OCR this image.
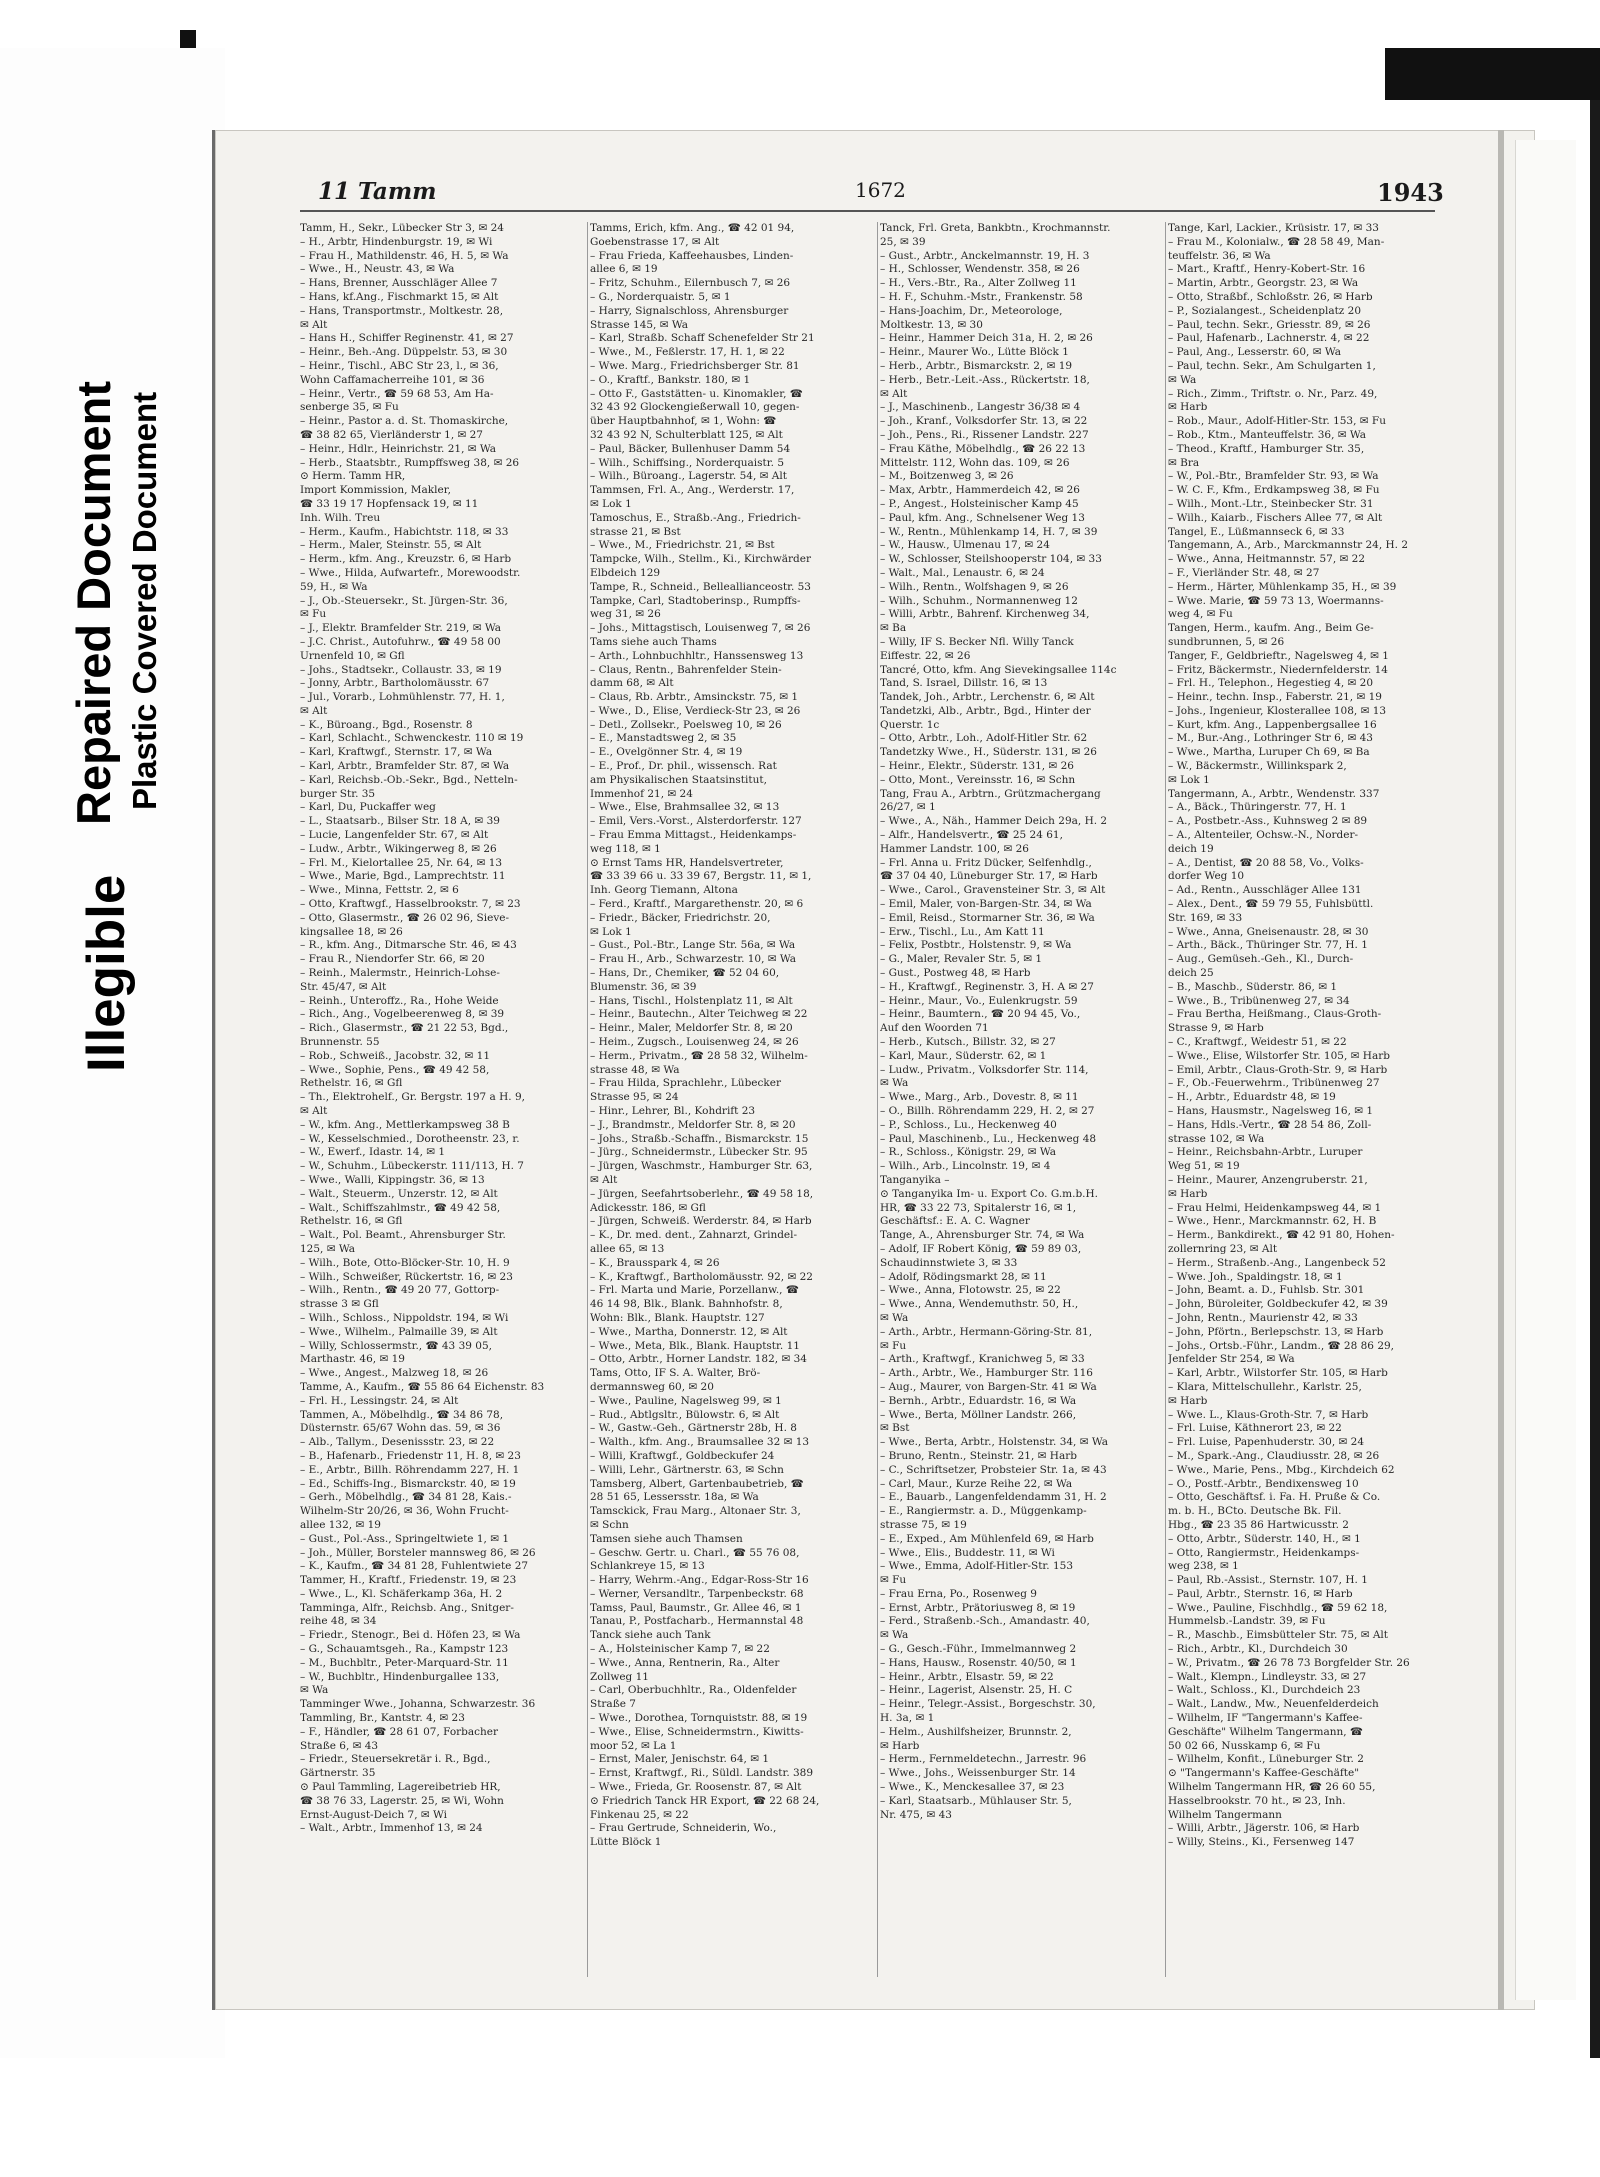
Repaired Document Plastic Covered Document
Illegible
11 Tamm	1672	1943
Tamm, H., Sekr., Lübecker Str 3, ✉ 24
– H., Arbtr, Hindenburgstr. 19, ✉ Wi
– Frau H., Mathildenstr. 46, H. 5, ✉ Wa
– Wwe., H., Neustr. 43, ✉ Wa
– Hans, Brenner, Ausschläger Allee 7
– Hans, kf.Ang., Fischmarkt 15, ✉ Alt
– Hans, Transportmstr., Moltkestr. 28,
✉ Alt
– Hans H., Schiffer Reginenstr. 41, ✉ 27
– Heinr., Beh.-Ang. Düppelstr. 53, ✉ 30
– Heinr., Tischl., ABC Str 23, l., ✉ 36,
Wohn Caffamacherreihe 101, ✉ 36
– Heinr., Vertr., ☎ 59 68 53, Am Ha-
senberge 35, ✉ Fu
– Heinr., Pastor a. d. St. Thomaskirche,
☎ 38 82 65, Vierländerstr 1, ✉ 27
– Heinr., Hdlr., Heinrichstr. 21, ✉ Wa
– Herb., Staatsbtr., Rumpffsweg 38, ✉ 26
⊙ Herm. Tamm HR,
Import Kommission, Makler,
☎ 33 19 17 Hopfensack 19, ✉ 11
Inh. Wilh. Treu
– Herm., Kaufm., Habichtstr. 118, ✉ 33
– Herm., Maler, Steinstr. 55, ✉ Alt
– Herm., kfm. Ang., Kreuzstr. 6, ✉ Harb
– Wwe., Hilda, Aufwartefr., Morewoodstr.
59, H., ✉ Wa
– J., Ob.-Steuersekr., St. Jürgen-Str. 36,
✉ Fu
– J., Elektr. Bramfelder Str. 219, ✉ Wa
– J.C. Christ., Autofuhrw., ☎ 49 58 00
Urnenfeld 10, ✉ Gfl
– Johs., Stadtsekr., Collaustr. 33, ✉ 19
– Jonny, Arbtr., Bartholomäusstr. 67
– Jul., Vorarb., Lohmühlenstr. 77, H. 1,
✉ Alt
– K., Büroang., Bgd., Rosenstr. 8
– Karl, Schlacht., Schwenckestr. 110 ✉ 19
– Karl, Kraftwgf., Sternstr. 17, ✉ Wa
– Karl, Arbtr., Bramfelder Str. 87, ✉ Wa
– Karl, Reichsb.-Ob.-Sekr., Bgd., Netteln-
burger Str. 35
– Karl, Du, Puckaffer weg
– L., Staatsarb., Bilser Str. 18 A, ✉ 39
– Lucie, Langenfelder Str. 67, ✉ Alt
– Ludw., Arbtr., Wikingerweg 8, ✉ 26
– Frl. M., Kielortallee 25, Nr. 64, ✉ 13
– Wwe., Marie, Bgd., Lamprechtstr. 11
– Wwe., Minna, Fettstr. 2, ✉ 6
– Otto, Kraftwgf., Hasselbrookstr. 7, ✉ 23
– Otto, Glasermstr., ☎ 26 02 96, Sieve-
kingsallee 18, ✉ 26
– R., kfm. Ang., Ditmarsche Str. 46, ✉ 43
– Frau R., Niendorfer Str. 66, ✉ 20
– Reinh., Malermstr., Heinrich-Lohse-
Str. 45/47, ✉ Alt
– Reinh., Unteroffz., Ra., Hohe Weide
– Rich., Ang., Vogelbeerenweg 8, ✉ 39
– Rich., Glasermstr., ☎ 21 22 53, Bgd.,
Brunnenstr. 55
– Rob., Schweiß., Jacobstr. 32, ✉ 11
– Wwe., Sophie, Pens., ☎ 49 42 58,
Rethelstr. 16, ✉ Gfl
– Th., Elektrohelf., Gr. Bergstr. 197 a H. 9,
✉ Alt
– W., kfm. Ang., Mettlerkampsweg 38 B
– W., Kesselschmied., Dorotheenstr. 23, r.
– W., Ewerf., Idastr. 14, ✉ 1
– W., Schuhm., Lübeckerstr. 111/113, H. 7
– Wwe., Walli, Kippingstr. 36, ✉ 13
– Walt., Steuerm., Unzerstr. 12, ✉ Alt
– Walt., Schiffszahlmstr., ☎ 49 42 58,
Rethelstr. 16, ✉ Gfl
– Walt., Pol. Beamt., Ahrensburger Str.
125, ✉ Wa
– Wilh., Bote, Otto-Blöcker-Str. 10, H. 9
– Wilh., Schweißer, Rückertstr. 16, ✉ 23
– Wilh., Rentn., ☎ 49 20 77, Gottorp-
strasse 3 ✉ Gfl
– Wilh., Schloss., Nippoldstr. 194, ✉ Wi
– Wwe., Wilhelm., Palmaille 39, ✉ Alt
– Willy, Schlossermstr., ☎ 43 39 05,
Marthastr. 46, ✉ 19
– Wwe., Angest., Malzweg 18, ✉ 26
Tamme, A., Kaufm., ☎ 55 86 64 Eichenstr. 83
– Frl. H., Lessingstr. 24, ✉ Alt
Tammen, A., Möbelhdlg., ☎ 34 86 78,
Düsternstr. 65/67 Wohn das. 59, ✉ 36
– Alb., Tallym., Desenissstr. 23, ✉ 22
– B., Hafenarb., Friedenstr 11, H. 8, ✉ 23
– E., Arbtr., Billh. Röhrendamm 227, H. 1
– Ed., Schiffs-Ing., Bismarckstr. 40, ✉ 19
– Gerh., Möbelhdlg., ☎ 34 81 28, Kais.-
Wilhelm-Str 20/26, ✉ 36, Wohn Frucht-
allee 132, ✉ 19
– Gust., Pol.-Ass., Springeltwiete 1, ✉ 1
– Joh., Müller, Borsteler mannsweg 86, ✉ 26
– K., Kaufm., ☎ 34 81 28, Fuhlentwiete 27
Tammer, H., Kraftf., Friedenstr. 19, ✉ 23
– Wwe., L., Kl. Schäferkamp 36a, H. 2
Tamminga, Alfr., Reichsb. Ang., Snitger-
reihe 48, ✉ 34
– Friedr., Stenogr., Bei d. Höfen 23, ✉ Wa
– G., Schauamtsgeh., Ra., Kampstr 123
– M., Buchbltr., Peter-Marquard-Str. 11
– W., Buchbltr., Hindenburgallee 133,
✉ Wa
Tamminger Wwe., Johanna, Schwarzestr. 36
Tammling, Br., Kantstr. 4, ✉ 23
– F., Händler, ☎ 28 61 07, Forbacher
Straße 6, ✉ 43
– Friedr., Steuersekretär i. R., Bgd.,
Gärtnerstr. 35
⊙ Paul Tammling, Lagereibetrieb HR,
☎ 38 76 33, Lagerstr. 25, ✉ Wi, Wohn
Ernst-August-Deich 7, ✉ Wi
– Walt., Arbtr., Immenhof 13, ✉ 24
Tamms, Erich, kfm. Ang., ☎ 42 01 94,
Goebenstrasse 17, ✉ Alt
– Frau Frieda, Kaffeehausbes, Linden-
allee 6, ✉ 19
– Fritz, Schuhm., Eilernbusch 7, ✉ 26
– G., Norderquaistr. 5, ✉ 1
– Harry, Signalschloss, Ahrensburger
Strasse 145, ✉ Wa
– Karl, Straßb. Schaff Schenefelder Str 21
– Wwe., M., Feßlerstr. 17, H. 1, ✉ 22
– Wwe. Marg., Friedrichsberger Str. 81
– O., Kraftf., Bankstr. 180, ✉ 1
– Otto F., Gaststätten- u. Kinomakler, ☎
32 43 92 Glockengießerwall 10, gegen-
über Hauptbahnhof, ✉ 1, Wohn: ☎
32 43 92 N, Schulterblatt 125, ✉ Alt
– Paul, Bäcker, Bullenhuser Damm 54
– Wilh., Schiffsing., Norderquaistr. 5
– Wilh., Büroang., Lagerstr. 54, ✉ Alt
Tammsen, Frl. A., Ang., Werderstr. 17,
✉ Lok 1
Tamoschus, E., Straßb.-Ang., Friedrich-
strasse 21, ✉ Bst
– Wwe., M., Friedrichstr. 21, ✉ Bst
Tampcke, Wilh., Stellm., Ki., Kirchwärder
Elbdeich 129
Tampe, R., Schneid., Belleallianceostr. 53
Tampke, Carl, Stadtoberinsp., Rumpffs-
weg 31, ✉ 26
– Johs., Mittagstisch, Louisenweg 7, ✉ 26
Tams siehe auch Thams
– Arth., Lohnbuchhltr., Hanssensweg 13
– Claus, Rentn., Bahrenfelder Stein-
damm 68, ✉ Alt
– Claus, Rb. Arbtr., Amsinckstr. 75, ✉ 1
– Wwe., D., Elise, Verdieck-Str 23, ✉ 26
– Detl., Zollsekr., Poelsweg 10, ✉ 26
– E., Manstadtsweg 2, ✉ 35
– E., Ovelgönner Str. 4, ✉ 19
– E., Prof., Dr. phil., wissensch. Rat
am Physikalischen Staatsinstitut,
Immenhof 21, ✉ 24
– Wwe., Else, Brahmsallee 32, ✉ 13
– Emil, Vers.-Vorst., Alsterdorferstr. 127
– Frau Emma Mittagst., Heidenkamps-
weg 118, ✉ 1
⊙ Ernst Tams HR, Handelsvertreter,
☎ 33 39 66 u. 33 39 67, Bergstr. 11, ✉ 1,
Inh. Georg Tiemann, Altona
– Ferd., Kraftf., Margarethenstr. 20, ✉ 6
– Friedr., Bäcker, Friedrichstr. 20,
✉ Lok 1
– Gust., Pol.-Btr., Lange Str. 56a, ✉ Wa
– Frau H., Arb., Schwarzestr. 10, ✉ Wa
– Hans, Dr., Chemiker, ☎ 52 04 60,
Blumenstr. 36, ✉ 39
– Hans, Tischl., Holstenplatz 11, ✉ Alt
– Heinr., Bautechn., Alter Teichweg ✉ 22
– Heinr., Maler, Meldorfer Str. 8, ✉ 20
– Heim., Zugsch., Louisenweg 24, ✉ 26
– Herm., Privatm., ☎ 28 58 32, Wilhelm-
strasse 48, ✉ Wa
– Frau Hilda, Sprachlehr., Lübecker
Strasse 95, ✉ 24
– Hinr., Lehrer, Bl., Kohdrift 23
– J., Brandmstr., Meldorfer Str. 8, ✉ 20
– Johs., Straßb.-Schaffn., Bismarckstr. 15
– Jürg., Schneidermstr., Lübecker Str. 95
– Jürgen, Waschmstr., Hamburger Str. 63,
✉ Alt
– Jürgen, Seefahrtsoberlehr., ☎ 49 58 18,
Adickesstr. 186, ✉ Gfl
– Jürgen, Schweiß. Werderstr. 84, ✉ Harb
– K., Dr. med. dent., Zahnarzt, Grindel-
allee 65, ✉ 13
– K., Brausspark 4, ✉ 26
– K., Kraftwgf., Bartholomäusstr. 92, ✉ 22
– Frl. Marta und Marie, Porzellanw., ☎
46 14 98, Blk., Blank. Bahnhofstr. 8,
Wohn: Blk., Blank. Hauptstr. 127
– Wwe., Martha, Donnerstr. 12, ✉ Alt
– Wwe., Meta, Blk., Blank. Hauptstr. 11
– Otto, Arbtr., Horner Landstr. 182, ✉ 34
Tams, Otto, IF S. A. Walter, Brö-
dermannsweg 60, ✉ 20
– Wwe., Pauline, Nagelsweg 99, ✉ 1
– Rud., Abtlgsltr., Bülowstr. 6, ✉ Alt
– W., Gastw.-Geh., Gärtnerstr 28b, H. 8
– Walth., kfm. Ang., Braumsallee 32 ✉ 13
– Willi, Kraftwgf., Goldbeckufer 24
– Willi, Lehr., Gärtnerstr. 63, ✉ Schn
Tamsberg, Albert, Gartenbaubetrieb, ☎
28 51 65, Lessersstr. 18a, ✉ Wa
Tamsckick, Frau Marg., Altonaer Str. 3,
✉ Schn
Tamsen siehe auch Thamsen
– Geschw. Gertr. u. Charl., ☎ 55 76 08,
Schlankreye 15, ✉ 13
– Harry, Wehrm.-Ang., Edgar-Ross-Str 16
– Werner, Versandltr., Tarpenbeckstr. 68
Tamss, Paul, Baumstr., Gr. Allee 46, ✉ 1
Tanau, P., Postfacharb., Hermannstal 48
Tanck siehe auch Tank
– A., Holsteinischer Kamp 7, ✉ 22
– Wwe., Anna, Rentnerin, Ra., Alter
Zollweg 11
– Carl, Oberbuchhltr., Ra., Oldenfelder
Straße 7
– Wwe., Dorothea, Tornquiststr. 88, ✉ 19
– Wwe., Elise, Schneidermstrn., Kiwitts-
moor 52, ✉ La 1
– Ernst, Maler, Jenischstr. 64, ✉ 1
– Ernst, Kraftwgf., Ri., Süldl. Landstr. 389
– Wwe., Frieda, Gr. Roosenstr. 87, ✉ Alt
⊙ Friedrich Tanck HR Export, ☎ 22 68 24,
Finkenau 25, ✉ 22
– Frau Gertrude, Schneiderin, Wo.,
Lütte Blöck 1
Tanck, Frl. Greta, Bankbtn., Krochmannstr.
25, ✉ 39
– Gust., Arbtr., Anckelmannstr. 19, H. 3
– H., Schlosser, Wendenstr. 358, ✉ 26
– H., Vers.-Btr., Ra., Alter Zollweg 11
– H. F., Schuhm.-Mstr., Frankenstr. 58
– Hans-Joachim, Dr., Meteorologe,
Moltkestr. 13, ✉ 30
– Heinr., Hammer Deich 31a, H. 2, ✉ 26
– Heinr., Maurer Wo., Lütte Blöck 1
– Herb., Arbtr., Bismarckstr. 2, ✉ 19
– Herb., Betr.-Leit.-Ass., Rückertstr. 18,
✉ Alt
– J., Maschinenb., Langestr 36/38 ✉ 4
– Joh., Kranf., Volksdorfer Str. 13, ✉ 22
– Joh., Pens., Ri., Rissener Landstr. 227
– Frau Käthe, Möbelhdlg., ☎ 26 22 13
Mittelstr. 112, Wohn das. 109, ✉ 26
– M., Boitzenweg 3, ✉ 26
– Max, Arbtr., Hammerdeich 42, ✉ 26
– P., Angest., Holsteinischer Kamp 45
– Paul, kfm. Ang., Schnelsener Weg 13
– W., Rentn., Mühlenkamp 14, H. 7, ✉ 39
– W., Hausw., Ulmenau 17, ✉ 24
– W., Schlosser, Steilshooperstr 104, ✉ 33
– Walt., Mal., Lenaustr. 6, ✉ 24
– Wilh., Rentn., Wolfshagen 9, ✉ 26
– Wilh., Schuhm., Normannenweg 12
– Willi, Arbtr., Bahrenf. Kirchenweg 34,
✉ Ba
– Willy, IF S. Becker Nfl. Willy Tanck
Eiffestr. 22, ✉ 26
Tancré, Otto, kfm. Ang Sievekingsallee 114c
Tand, S. Israel, Dillstr. 16, ✉ 13
Tandek, Joh., Arbtr., Lerchenstr. 6, ✉ Alt
Tandetzki, Alb., Arbtr., Bgd., Hinter der
Querstr. 1c
– Otto, Arbtr., Loh., Adolf-Hitler Str. 62
Tandetzky Wwe., H., Süderstr. 131, ✉ 26
– Heinr., Elektr., Süderstr. 131, ✉ 26
– Otto, Mont., Vereinsstr. 16, ✉ Schn
Tang, Frau A., Arbtrn., Grützmachergang
26/27, ✉ 1
– Wwe., A., Näh., Hammer Deich 29a, H. 2
– Alfr., Handelsvertr., ☎ 25 24 61,
Hammer Landstr. 100, ✉ 26
– Frl. Anna u. Fritz Dücker, Selfenhdlg.,
☎ 37 04 40, Lüneburger Str. 17, ✉ Harb
– Wwe., Carol., Gravensteiner Str. 3, ✉ Alt
– Emil, Maler, von-Bargen-Str. 34, ✉ Wa
– Emil, Reisd., Stormarner Str. 36, ✉ Wa
– Erw., Tischl., Lu., Am Katt 11
– Felix, Postbtr., Holstenstr. 9, ✉ Wa
– G., Maler, Revaler Str. 5, ✉ 1
– Gust., Postweg 48, ✉ Harb
– H., Kraftwgf., Reginenstr. 3, H. A ✉ 27
– Heinr., Maur., Vo., Eulenkrugstr. 59
– Heinr., Baumtern., ☎ 20 94 45, Vo.,
Auf den Woorden 71
– Herb., Kutsch., Billstr. 32, ✉ 27
– Karl, Maur., Süderstr. 62, ✉ 1
– Ludw., Privatm., Volksdorfer Str. 114,
✉ Wa
– Wwe., Marg., Arb., Dovestr. 8, ✉ 11
– O., Billh. Röhrendamm 229, H. 2, ✉ 27
– P., Schloss., Lu., Heckenweg 40
– Paul, Maschinenb., Lu., Heckenweg 48
– R., Schloss., Königstr. 29, ✉ Wa
– Wilh., Arb., Lincolnstr. 19, ✉ 4
Tanganyika –
⊙ Tanganyika Im- u. Export Co. G.m.b.H.
HR, ☎ 33 22 73, Spitalerstr 16, ✉ 1,
Geschäftsf.: E. A. C. Wagner
Tange, A., Ahrensburger Str. 74, ✉ Wa
– Adolf, IF Robert König, ☎ 59 89 03,
Schaudinnstwiete 3, ✉ 33
– Adolf, Rödingsmarkt 28, ✉ 11
– Wwe., Anna, Flotowstr. 25, ✉ 22
– Wwe., Anna, Wendemuthstr. 50, H.,
✉ Wa
– Arth., Arbtr., Hermann-Göring-Str. 81,
✉ Fu
– Arth., Kraftwgf., Kranichweg 5, ✉ 33
– Arth., Arbtr., We., Hamburger Str. 116
– Aug., Maurer, von Bargen-Str. 41 ✉ Wa
– Bernh., Arbtr., Eduardstr. 16, ✉ Wa
– Wwe., Berta, Möllner Landstr. 266,
✉ Bst
– Wwe., Berta, Arbtr., Holstenstr. 34, ✉ Wa
– Bruno, Rentn., Steinstr. 21, ✉ Harb
– C., Schriftsetzer, Probsteier Str. 1a, ✉ 43
– Carl, Maur., Kurze Reihe 22, ✉ Wa
– E., Bauarb., Langenfeldendamm 31, H. 2
– E., Rangiermstr. a. D., Müggenkamp-
strasse 75, ✉ 19
– E., Exped., Am Mühlenfeld 69, ✉ Harb
– Wwe., Elis., Buddestr. 11, ✉ Wi
– Wwe., Emma, Adolf-Hitler-Str. 153
✉ Fu
– Frau Erna, Po., Rosenweg 9
– Ernst, Arbtr., Prätoriusweg 8, ✉ 19
– Ferd., Straßenb.-Sch., Amandastr. 40,
✉ Wa
– G., Gesch.-Führ., Immelmannweg 2
– Hans, Hausw., Rosenstr. 40/50, ✉ 1
– Heinr., Arbtr., Elsastr. 59, ✉ 22
– Heinr., Lagerist, Alsenstr. 25, H. C
– Heinr., Telegr.-Assist., Borgeschstr. 30,
H. 3a, ✉ 1
– Helm., Aushilfsheizer, Brunnstr. 2,
✉ Harb
– Herm., Fernmeldetechn., Jarrestr. 96
– Wwe., Johs., Weissenburger Str. 14
– Wwe., K., Menckesallee 37, ✉ 23
– Karl, Staatsarb., Mühlauser Str. 5,
Nr. 475, ✉ 43
Tange, Karl, Lackier., Krüsistr. 17, ✉ 33
– Frau M., Kolonialw., ☎ 28 58 49, Man-
teuffelstr. 36, ✉ Wa
– Mart., Kraftf., Henry-Kobert-Str. 16
– Martin, Arbtr., Georgstr. 23, ✉ Wa
– Otto, Straßbf., Schloßstr. 26, ✉ Harb
– P., Sozialangest., Scheidenplatz 20
– Paul, techn. Sekr., Griesstr. 89, ✉ 26
– Paul, Hafenarb., Lachnerstr. 4, ✉ 22
– Paul, Ang., Lesserstr. 60, ✉ Wa
– Paul, techn. Sekr., Am Schulgarten 1,
✉ Wa
– Rich., Zimm., Triftstr. o. Nr., Parz. 49,
✉ Harb
– Rob., Maur., Adolf-Hitler-Str. 153, ✉ Fu
– Rob., Ktm., Manteuffelstr. 36, ✉ Wa
– Theod., Kraftf., Hamburger Str. 35,
✉ Bra
– W., Pol.-Btr., Bramfelder Str. 93, ✉ Wa
– W. C. F., Kfm., Erdkampsweg 38, ✉ Fu
– Wilh., Mont.-Ltr., Steinbecker Str. 31
– Wilh., Kaiarb., Fischers Allee 77, ✉ Alt
Tangel, E., Lüßmannseck 6, ✉ 33
Tangemann, A., Arb., Marckmannstr 24, H. 2
– Wwe., Anna, Heitmannstr. 57, ✉ 22
– F., Vierländer Str. 48, ✉ 27
– Herm., Härter, Mühlenkamp 35, H., ✉ 39
– Wwe. Marie, ☎ 59 73 13, Woermanns-
weg 4, ✉ Fu
Tangen, Herm., kaufm. Ang., Beim Ge-
sundbrunnen, 5, ✉ 26
Tanger, F., Geldbrieftr., Nagelsweg 4, ✉ 1
– Fritz, Bäckermstr., Niedernfelderstr. 14
– Frl. H., Telephon., Hegestieg 4, ✉ 20
– Heinr., techn. Insp., Faberstr. 21, ✉ 19
– Johs., Ingenieur, Klosterallee 108, ✉ 13
– Kurt, kfm. Ang., Lappenbergsallee 16
– M., Bur.-Ang., Lothringer Str 6, ✉ 43
– Wwe., Martha, Luruper Ch 69, ✉ Ba
– W., Bäckermstr., Willinkspark 2,
✉ Lok 1
Tangermann, A., Arbtr., Wendenstr. 337
– A., Bäck., Thüringerstr. 77, H. 1
– A., Postbetr.-Ass., Kuhnsweg 2 ✉ 89
– A., Altenteiler, Ochsw.-N., Norder-
deich 19
– A., Dentist, ☎ 20 88 58, Vo., Volks-
dorfer Weg 10
– Ad., Rentn., Ausschläger Allee 131
– Alex., Dent., ☎ 59 79 55, Fuhlsbüttl.
Str. 169, ✉ 33
– Wwe., Anna, Gneisenaustr. 28, ✉ 30
– Arth., Bäck., Thüringer Str. 77, H. 1
– Aug., Gemüseh.-Geh., Kl., Durch-
deich 25
– B., Maschb., Süderstr. 86, ✉ 1
– Wwe., B., Tribünenweg 27, ✉ 34
– Frau Bertha, Heißmang., Claus-Groth-
Strasse 9, ✉ Harb
– C., Kraftwgf., Weidestr 51, ✉ 22
– Wwe., Elise, Wilstorfer Str. 105, ✉ Harb
– Emil, Arbtr., Claus-Groth-Str. 9, ✉ Harb
– F., Ob.-Feuerwehrm., Tribünenweg 27
– H., Arbtr., Eduardstr 48, ✉ 19
– Hans, Hausmstr., Nagelsweg 16, ✉ 1
– Hans, Hdls.-Vertr., ☎ 28 54 86, Zoll-
strasse 102, ✉ Wa
– Heinr., Reichsbahn-Arbtr., Luruper
Weg 51, ✉ 19
– Heinr., Maurer, Anzengruberstr. 21,
✉ Harb
– Frau Helmi, Heidenkampsweg 44, ✉ 1
– Wwe., Henr., Marckmannstr. 62, H. B
– Herm., Bankdirekt., ☎ 42 91 80, Hohen-
zollernring 23, ✉ Alt
– Herm., Straßenb.-Ang., Langenbeck 52
– Wwe. Joh., Spaldingstr. 18, ✉ 1
– John, Beamt. a. D., Fuhlsb. Str. 301
– John, Büroleiter, Goldbeckufer 42, ✉ 39
– John, Rentn., Maurienstr 42, ✉ 33
– John, Pförtn., Berlepschstr. 13, ✉ Harb
– Johs., Ortsb.-Führ., Landm., ☎ 28 86 29,
Jenfelder Str 254, ✉ Wa
– Karl, Arbtr., Wilstorfer Str. 105, ✉ Harb
– Klara, Mittelschullehr., Karlstr. 25,
✉ Harb
– Wwe. L., Klaus-Groth-Str. 7, ✉ Harb
– Frl. Luise, Käthnerort 23, ✉ 22
– Frl. Luise, Papenhuderstr. 30, ✉ 24
– M., Spark.-Ang., Claudiusstr. 28, ✉ 26
– Wwe., Marie, Pens., Mbg., Kirchdeich 62
– O., Postf.-Arbtr., Bendixensweg 10
– Otto, Geschäftsf. i. Fa. H. Pruße & Co.
m. b. H., BCto. Deutsche Bk. Fil.
Hbg., ☎ 23 35 86 Hartwicusstr. 2
– Otto, Arbtr., Süderstr. 140, H., ✉ 1
– Otto, Rangiermstr., Heidenkamps-
weg 238, ✉ 1
– Paul, Rb.-Assist., Sternstr. 107, H. 1
– Paul, Arbtr., Sternstr. 16, ✉ Harb
– Wwe., Pauline, Fischhdlg., ☎ 59 62 18,
Hummelsb.-Landstr. 39, ✉ Fu
– R., Maschb., Eimsbütteler Str. 75, ✉ Alt
– Rich., Arbtr., Kl., Durchdeich 30
– W., Privatm., ☎ 26 78 73 Borgfelder Str. 26
– Walt., Klempn., Lindleystr. 33, ✉ 27
– Walt., Schloss., Kl., Durchdeich 23
– Walt., Landw., Mw., Neuenfelderdeich
– Wilhelm, IF "Tangermann's Kaffee-
Geschäfte" Wilhelm Tangermann, ☎
50 02 66, Nusskamp 6, ✉ Fu
– Wilhelm, Konfit., Lüneburger Str. 2
⊙ "Tangermann's Kaffee-Geschäfte"
Wilhelm Tangermann HR, ☎ 26 60 55,
Hasselbrookstr. 70 ht., ✉ 23, Inh.
Wilhelm Tangermann
– Willi, Arbtr., Jägerstr. 106, ✉ Harb
– Willy, Steins., Ki., Fersenweg 147
